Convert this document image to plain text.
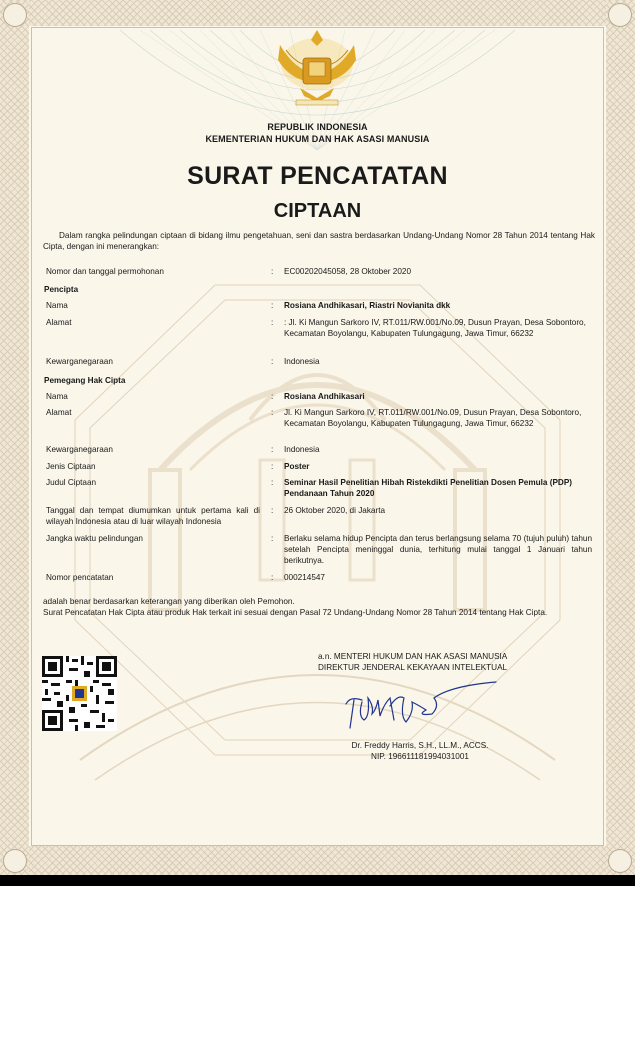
REPUBLIK INDONESIA
KEMENTERIAN HUKUM DAN HAK ASASI MANUSIA
SURAT PENCATATAN
CIPTAAN
Dalam rangka pelindungan ciptaan di bidang ilmu pengetahuan, seni dan sastra berdasarkan Undang-Undang Nomor 28 Tahun 2014 tentang Hak Cipta, dengan ini menerangkan:
Nomor dan tanggal permohonan	: EC00202045058, 28 Oktober 2020
Pencipta
Nama	: Rosiana Andhikasari, Riastri Novianita dkk
Alamat	: : Jl. Ki Mangun Sarkoro IV, RT.011/RW.001/No.09, Dusun Prayan, Desa Sobontoro, Kecamatan Boyolangu, Kabupaten Tulungagung, Jawa Timur, 66232
Kewarganegaraan	: Indonesia
Pemegang Hak Cipta
Nama	: Rosiana Andhikasari
Alamat	: Jl. Ki Mangun Sarkoro IV, RT.011/RW.001/No.09, Dusun Prayan, Desa Sobontoro, Kecamatan Boyolangu, Kabupaten Tulungagung, Jawa Timur, 66232
Kewarganegaraan	: Indonesia
Jenis Ciptaan	: Poster
Judul Ciptaan	: Seminar Hasil Penelitian Hibah Ristekdikti Penelitian Dosen Pemula (PDP) Pendanaan Tahun 2020
Tanggal dan tempat diumumkan untuk pertama kali di wilayah Indonesia atau di luar wilayah Indonesia
: 26 Oktober 2020, di Jakarta
Jangka waktu pelindungan	: Berlaku selama hidup Pencipta dan terus berlangsung selama 70 (tujuh puluh) tahun setelah Pencipta meninggal dunia, terhitung mulai tanggal 1 Januari tahun berikutnya.
Nomor pencatatan	: 000214547
adalah benar berdasarkan keterangan yang diberikan oleh Pemohon.
Surat Pencatatan Hak Cipta atau produk Hak terkait ini sesuai dengan Pasal 72 Undang-Undang Nomor 28 Tahun 2014 tentang Hak Cipta.
a.n. MENTERI HUKUM DAN HAK ASASI MANUSIA
DIREKTUR JENDERAL KEKAYAAN INTELEKTUAL
Dr. Freddy Harris, S.H., LL.M., ACCS.
NIP. 196611181994031001
